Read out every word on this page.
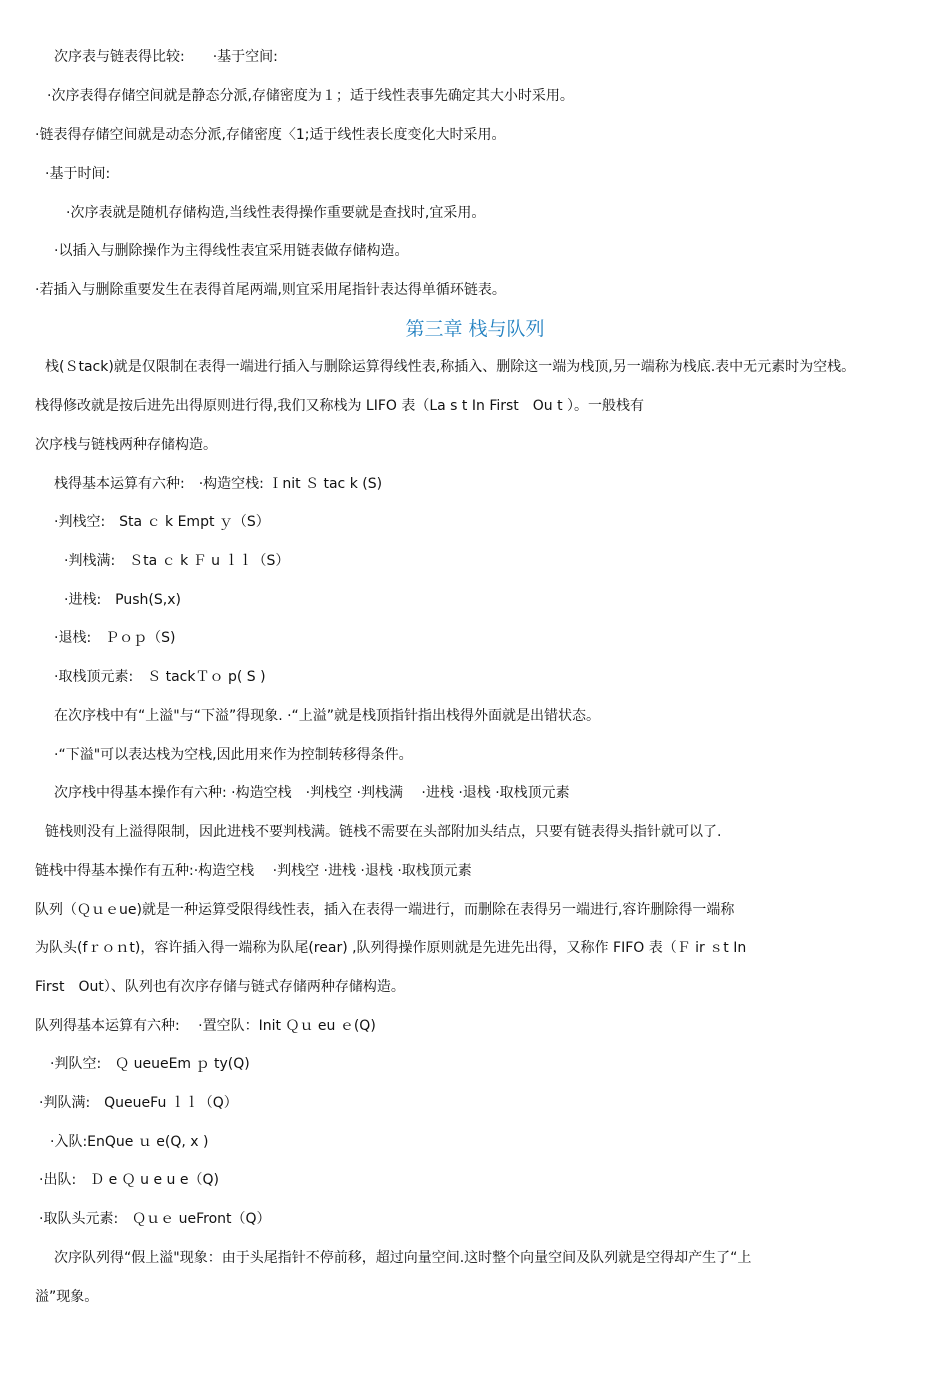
次序表与链表得比较:　　·基于空间:
·次序表得存储空间就是静态分派,存储密度为１；适于线性表事先确定其大小时采用。
·链表得存储空间就是动态分派,存储密度〈1;适于线性表长度变化大时采用。
·基于时间:
·次序表就是随机存储构造,当线性表得操作重要就是查找时,宜采用。
·以插入与删除操作为主得线性表宜采用链表做存储构造。
·若插入与删除重要发生在表得首尾两端,则宜采用尾指针表达得单循环链表。
第三章 栈与队列
栈(Ｓtack)就是仅限制在表得一端进行插入与删除运算得线性表,称插入、删除这一端为栈顶,另一端称为栈底.表中无元素时为空栈。
栈得修改就是按后进先出得原则进行得,我们又称栈为 LIFO 表（La s t In First　Ou t ）。一般栈有
次序栈与链栈两种存储构造。
栈得基本运算有六种:　·构造空栈: Ｉnit Ｓ tac k (S)
·判栈空:　Sta ｃ k Empt ｙ（S）
·判栈满:　Ｓta ｃ k Ｆ u ｌｌ（S）
·进栈:　Push(S,x)
·退栈:　Ｐｏｐ（S)
·取栈顶元素:　Ｓ tackＴｏ p( S )
在次序栈中有“上溢"与“下溢”得现象. ·“上溢”就是栈顶指针指出栈得外面就是出错状态。
·“下溢"可以表达栈为空栈,因此用来作为控制转移得条件。
次序栈中得基本操作有六种: ·构造空栈　·判栈空 ·判栈满　 ·进栈 ·退栈 ·取栈顶元素
链栈则没有上溢得限制，因此进栈不要判栈满。链栈不需要在头部附加头结点，只要有链表得头指针就可以了.
链栈中得基本操作有五种:·构造空栈　 ·判栈空 ·进栈 ·退栈 ·取栈顶元素
队列（Ｑｕｅue)就是一种运算受限得线性表，插入在表得一端进行，而删除在表得另一端进行,容许删除得一端称
为队头(fｒｏｎt)，容许插入得一端称为队尾(rear) ,队列得操作原则就是先进先出得，又称作 FIFO 表（Ｆ ir ｓt In
First　Out）、队列也有次序存储与链式存储两种存储构造。
队列得基本运算有六种:　 ·置空队：Init Ｑｕ eu ｅ(Q)
·判队空:　Ｑ ueueEm ｐ ty(Q)
·判队满:　QueueFu ｌｌ（Q）
·入队:EnQue ｕ e(Q, x )
·出队:　Ｄ e Ｑ u e u e（Q)
·取队头元素:　Ｑｕｅ ueFront（Q）
次序队列得“假上溢"现象：由于头尾指针不停前移，超过向量空间.这时整个向量空间及队列就是空得却产生了“上
溢”现象。
